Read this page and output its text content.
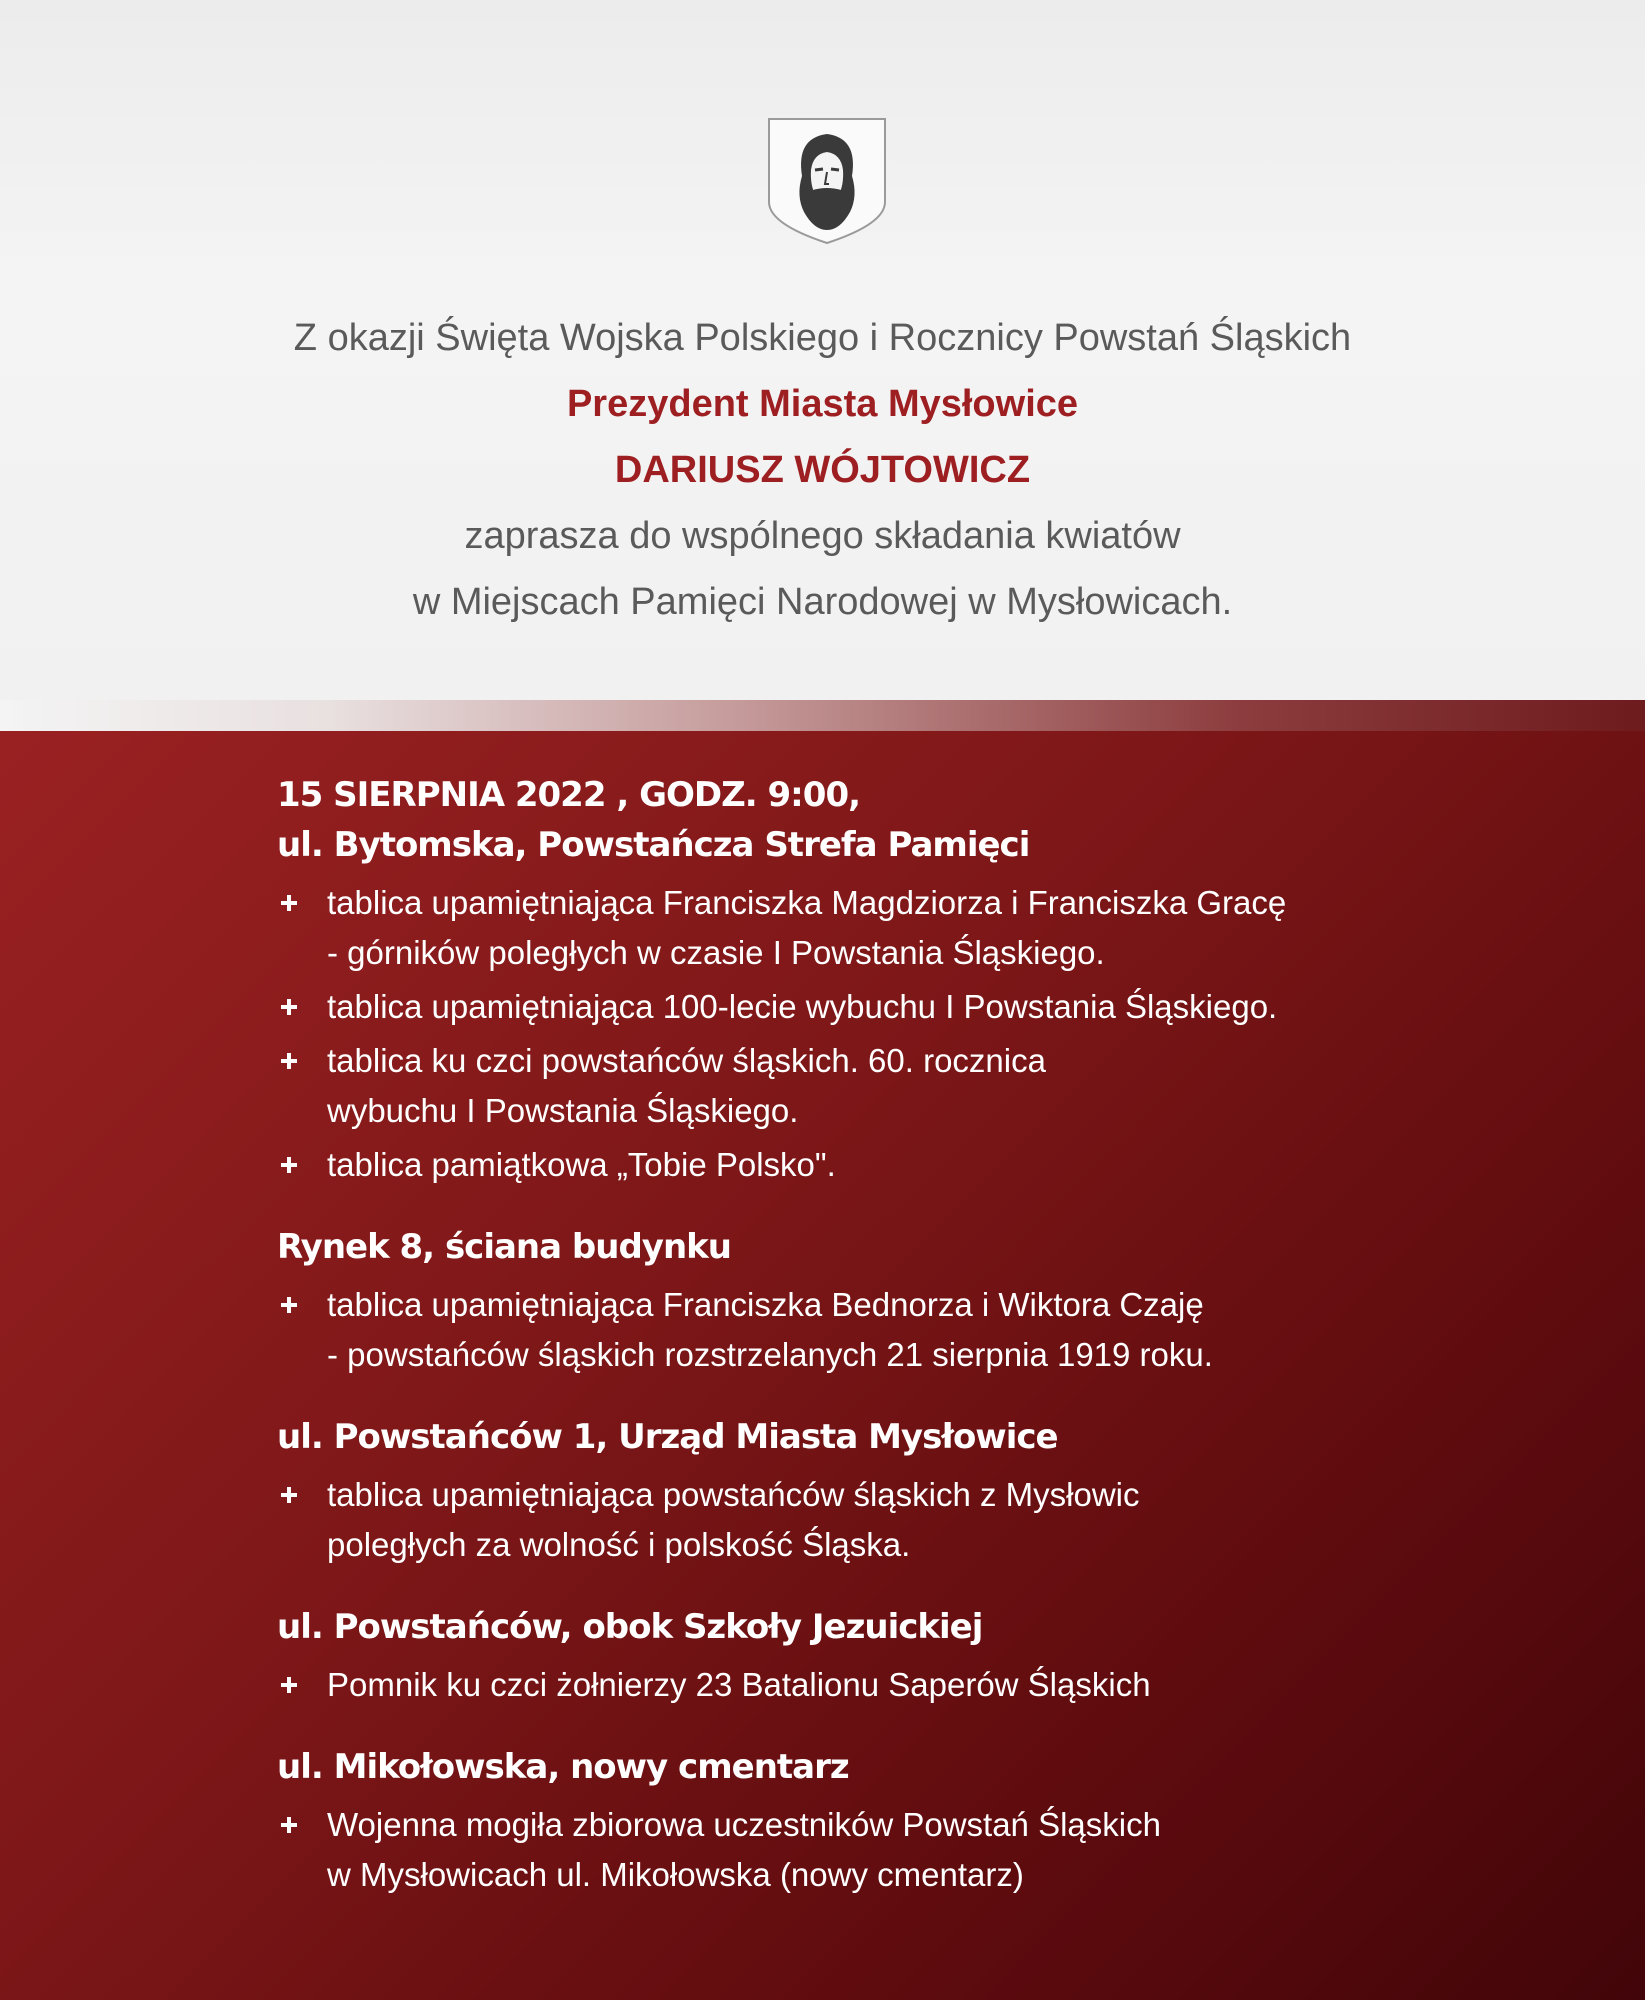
Z okazji Święta Wojska Polskiego i Rocznicy Powstań Śląskich
Prezydent Miasta Mysłowice
DARIUSZ WÓJTOWICZ
zaprasza do wspólnego składania kwiatów
w Miejscach Pamięci Narodowej w Mysłowicach.
15 SIERPNIA 2022 , GODZ. 9:00,
ul. Bytomska, Powstańcza Strefa Pamięci
tablica upamiętniająca Franciszka Magdziorza i Franciszka Gracę
- górników poległych w czasie I Powstania Śląskiego.
tablica upamiętniająca 100-lecie wybuchu I Powstania Śląskiego.
tablica ku czci powstańców śląskich. 60. rocznica
wybuchu I Powstania Śląskiego.
tablica pamiątkowa „Tobie Polsko".
Rynek 8, ściana budynku
tablica upamiętniająca Franciszka Bednorza i Wiktora Czaję
- powstańców śląskich rozstrzelanych 21 sierpnia 1919 roku.
ul. Powstańców 1, Urząd Miasta Mysłowice
tablica upamiętniająca powstańców śląskich z Mysłowic
poległych za wolność i polskość Śląska.
ul. Powstańców, obok Szkoły Jezuickiej
Pomnik ku czci żołnierzy 23 Batalionu Saperów Śląskich
ul. Mikołowska, nowy cmentarz
Wojenna mogiła zbiorowa uczestników Powstań Śląskich
w Mysłowicach ul. Mikołowska (nowy cmentarz)
